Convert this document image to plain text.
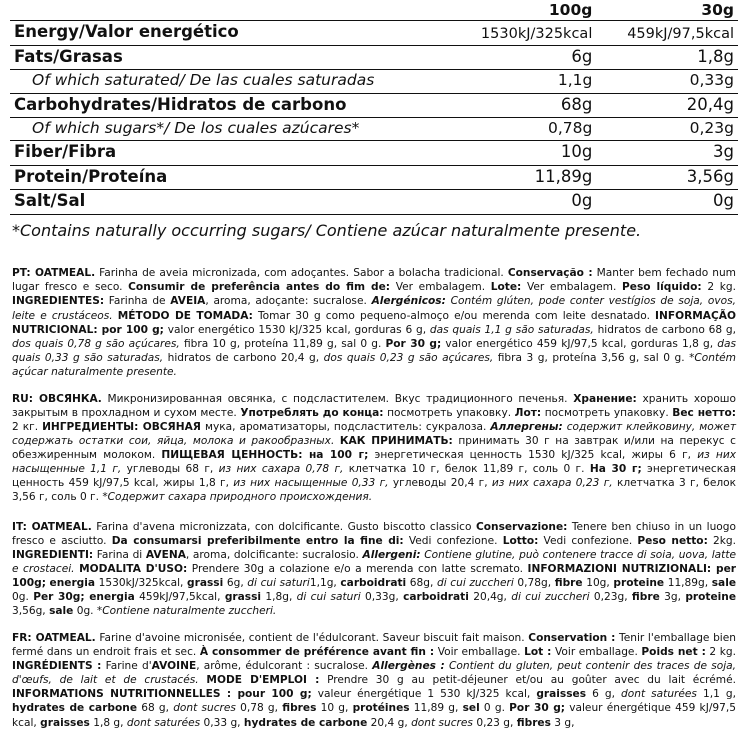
	100g	30g
Energy/Valor energético	1530kJ/325kcal	459kJ/97,5kcal
Fats/Grasas	6g	1,8g
Of which saturated/ De las cuales saturadas	1,1g	0,33g
Carbohydrates/Hidratos de carbono	68g	20,4g
Of which sugars*/ De los cuales azúcares*	0,78g	0,23g
Fiber/Fibra	10g	3g
Protein/Proteína	11,89g	3,56g
Salt/Sal	0g	0g
*Contains naturally occurring sugars/ Contiene azúcar naturalmente presente.
PT: OATMEAL. Farinha de aveia micronizada, com adoçantes. Sabor a bolacha tradicional. Conservação : Manter bem fechado num lugar fresco e seco. Consumir de preferência antes do fim de: Ver embalagem. Lote: Ver embalagem. Peso líquido: 2 kg. INGREDIENTES: Farinha de AVEIA, aroma, adoçante: sucralose. Alergénicos: Contém glúten, pode conter vestígios de soja, ovos, leite e crustáceos. MÉTODO DE TOMADA: Tomar 30 g como pequeno-almoço e/ou merenda com leite desnatado. INFORMAÇÃO NUTRICIONAL: por 100 g; valor energético 1530 kJ/325 kcal, gorduras 6 g, das quais 1,1 g são saturadas, hidratos de carbono 68 g, dos quais 0,78 g são açúcares, fibra 10 g, proteína 11,89 g, sal 0 g. Por 30 g; valor energético 459 kJ/97,5 kcal, gorduras 1,8 g, das quais 0,33 g são saturadas, hidratos de carbono 20,4 g, dos quais 0,23 g são açúcares, fibra 3 g, proteína 3,56 g, sal 0 g. *Contém açúcar naturalmente presente.
RU: ОВСЯНКА. Микронизированная овсянка, с подсластителем. Вкус традиционного печенья. Хранение: хранить хорошо закрытым в прохладном и сухом месте. Употреблять до конца: посмотреть упаковку. Лот: посмотреть упаковку. Вес нетто: 2 кг. ИНГРЕДИЕНТЫ: ОВСЯНАЯ мука, ароматизаторы, подсластитель: сукралоза. Аллергены: содержит клейковину, может содержать остатки сои, яйца, молока и ракообразных. КАК ПРИНИМАТЬ: принимать 30 г на завтрак и/или на перекус с обезжиренным молоком. ПИЩЕВАЯ ЦЕННОСТЬ: на 100 г; энергетическая ценность 1530 kJ/325 kcal, жиры 6 г, из них насыщенные 1,1 г, углеводы 68 г, из них сахара 0,78 г, клетчатка 10 г, белок 11,89 г, соль 0 г. На 30 г; энергетическая ценность 459 kJ/97,5 kcal, жиры 1,8 г, из них насыщенные 0,33 г, углеводы 20,4 г, из них сахара 0,23 г, клетчатка 3 г, белок 3,56 г, соль 0 г. *Содержит сахара природного происхождения.
IT: OATMEAL. Farina d'avena micronizzata, con dolcificante. Gusto biscotto classico Conservazione: Tenere ben chiuso in un luogo fresco e asciutto. Da consumarsi preferibilmente entro la fine di: Vedi confezione. Lotto: Vedi confezione. Peso netto: 2kg. INGREDIENTI: Farina di AVENA, aroma, dolcificante: sucralosio. Allergeni: Contiene glutine, può contenere tracce di soia, uova, latte e crostacei. MODALITA D'USO: Prendere 30g a colazione e/o a merenda con latte scremato. INFORMAZIONI NUTRIZIONALI: per 100g; energia 1530kJ/325kcal, grassi 6g, di cui saturi1,1g, carboidrati 68g, di cui zuccheri 0,78g, fibre 10g, proteine 11,89g, sale 0g. Per 30g; energia 459kJ/97,5kcal, grassi 1,8g, di cui saturi 0,33g, carboidrati 20,4g, di cui zuccheri 0,23g, fibre 3g, proteine 3,56g, sale 0g. *Contiene naturalmente zuccheri.
FR: OATMEAL. Farine d'avoine micronisée, contient de l'édulcorant. Saveur biscuit fait maison. Conservation : Tenir l'emballage bien fermé dans un endroit frais et sec. À consommer de préférence avant fin : Voir emballage. Lot : Voir emballage. Poids net : 2 kg. INGRÉDIENTS : Farine d'AVOINE, arôme, édulcorant : sucralose. Allergènes : Contient du gluten, peut contenir des traces de soja, d'œufs, de lait et de crustacés. MODE D'EMPLOI : Prendre 30 g au petit-déjeuner et/ou au goûter avec du lait écrémé. INFORMATIONS NUTRITIONNELLES : pour 100 g; valeur énergétique 1 530 kJ/325 kcal, graisses 6 g, dont saturées 1,1 g, hydrates de carbone 68 g, dont sucres 0,78 g, fibres 10 g, protéines 11,89 g, sel 0 g. Por 30 g; valeur énergétique 459 kJ/97,5 kcal, graisses 1,8 g, dont saturées 0,33 g, hydrates de carbone 20,4 g, dont sucres 0,23 g, fibres 3 g,
